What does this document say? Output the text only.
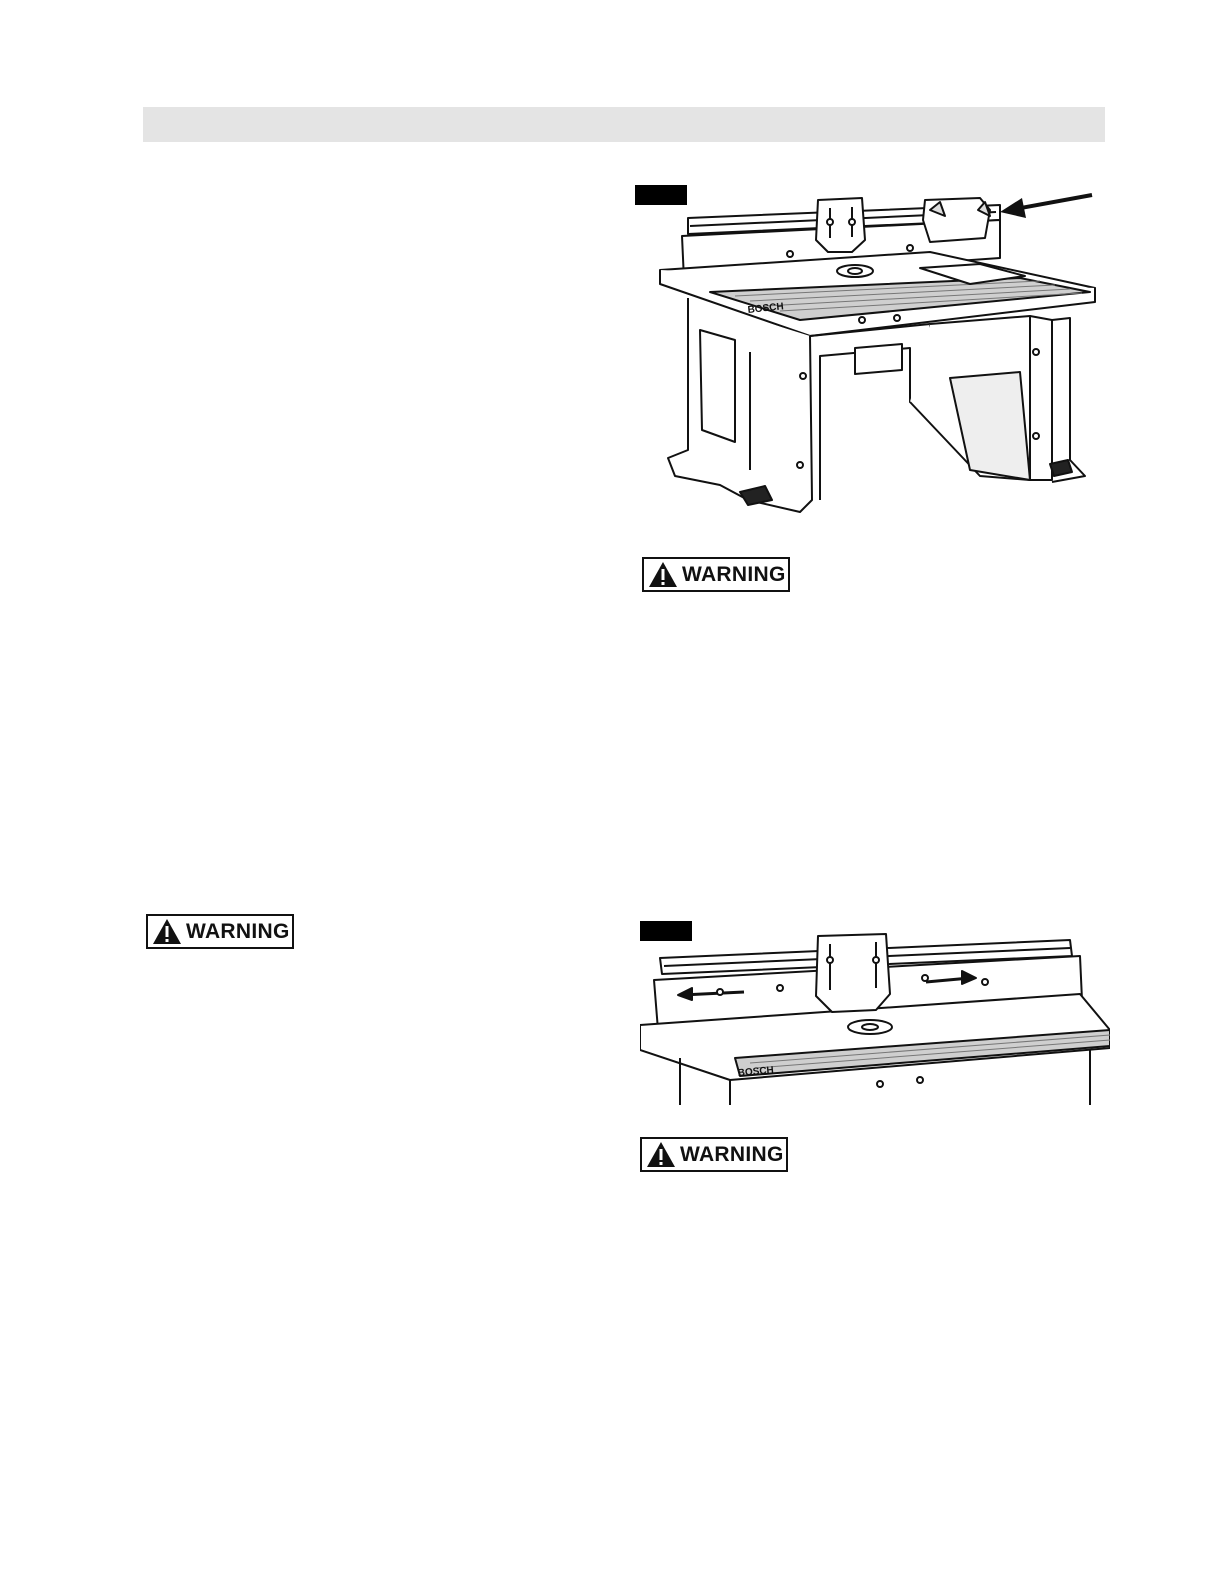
BOSCH
WARNING
WARNING
BOSCH
WARNING
